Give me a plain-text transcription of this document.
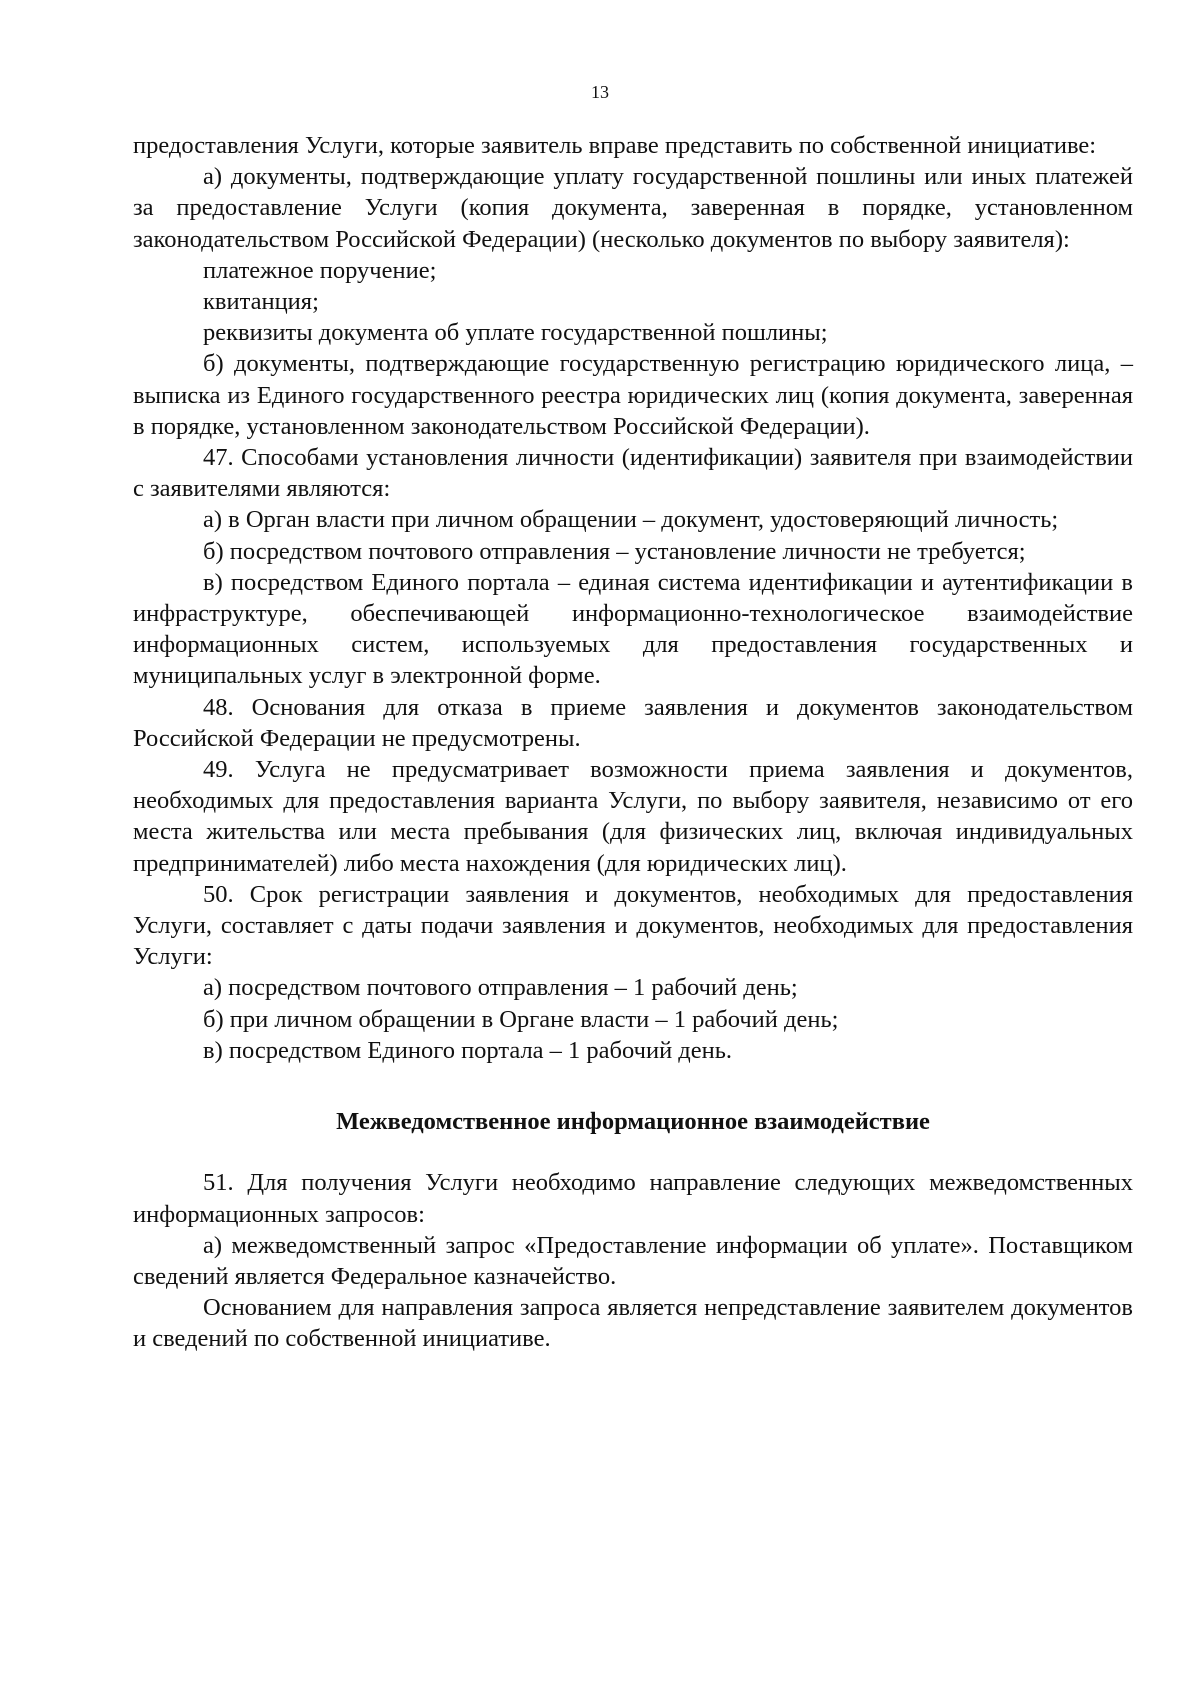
13

предоставления Услуги, которые заявитель вправе представить по собственной инициативе:

а) документы, подтверждающие уплату государственной пошлины или иных платежей за предоставление Услуги (копия документа, заверенная в порядке, установленном законодательством Российской Федерации) (несколько документов по выбору заявителя):

платежное поручение;

квитанция;

реквизиты документа об уплате государственной пошлины;

б) документы, подтверждающие государственную регистрацию юридического лица, – выписка из Единого государственного реестра юридических лиц (копия документа, заверенная в порядке, установленном законодательством Российской Федерации).

47. Способами установления личности (идентификации) заявителя при взаимодействии с заявителями являются:

а) в Орган власти при личном обращении – документ, удостоверяющий личность;

б) посредством почтового отправления – установление личности не требуется;

в) посредством Единого портала – единая система идентификации и аутентификации в инфраструктуре, обеспечивающей информационно-технологическое взаимодействие информационных систем, используемых для предоставления государственных и муниципальных услуг в электронной форме.

48. Основания для отказа в приеме заявления и документов законодательством Российской Федерации не предусмотрены.

49. Услуга не предусматривает возможности приема заявления и документов, необходимых для предоставления варианта Услуги, по выбору заявителя, независимо от его места жительства или места пребывания (для физических лиц, включая индивидуальных предпринимателей) либо места нахождения (для юридических лиц).

50. Срок регистрации заявления и документов, необходимых для предоставления Услуги, составляет с даты подачи заявления и документов, необходимых для предоставления Услуги:

а) посредством почтового отправления – 1 рабочий день;

б) при личном обращении в Органе власти – 1 рабочий день;

в) посредством Единого портала – 1 рабочий день.

Межведомственное информационное взаимодействие

51. Для получения Услуги необходимо направление следующих межведомственных информационных запросов:

а) межведомственный запрос «Предоставление информации об уплате». Поставщиком сведений является Федеральное казначейство.

Основанием для направления запроса является непредставление заявителем документов и сведений по собственной инициативе.
